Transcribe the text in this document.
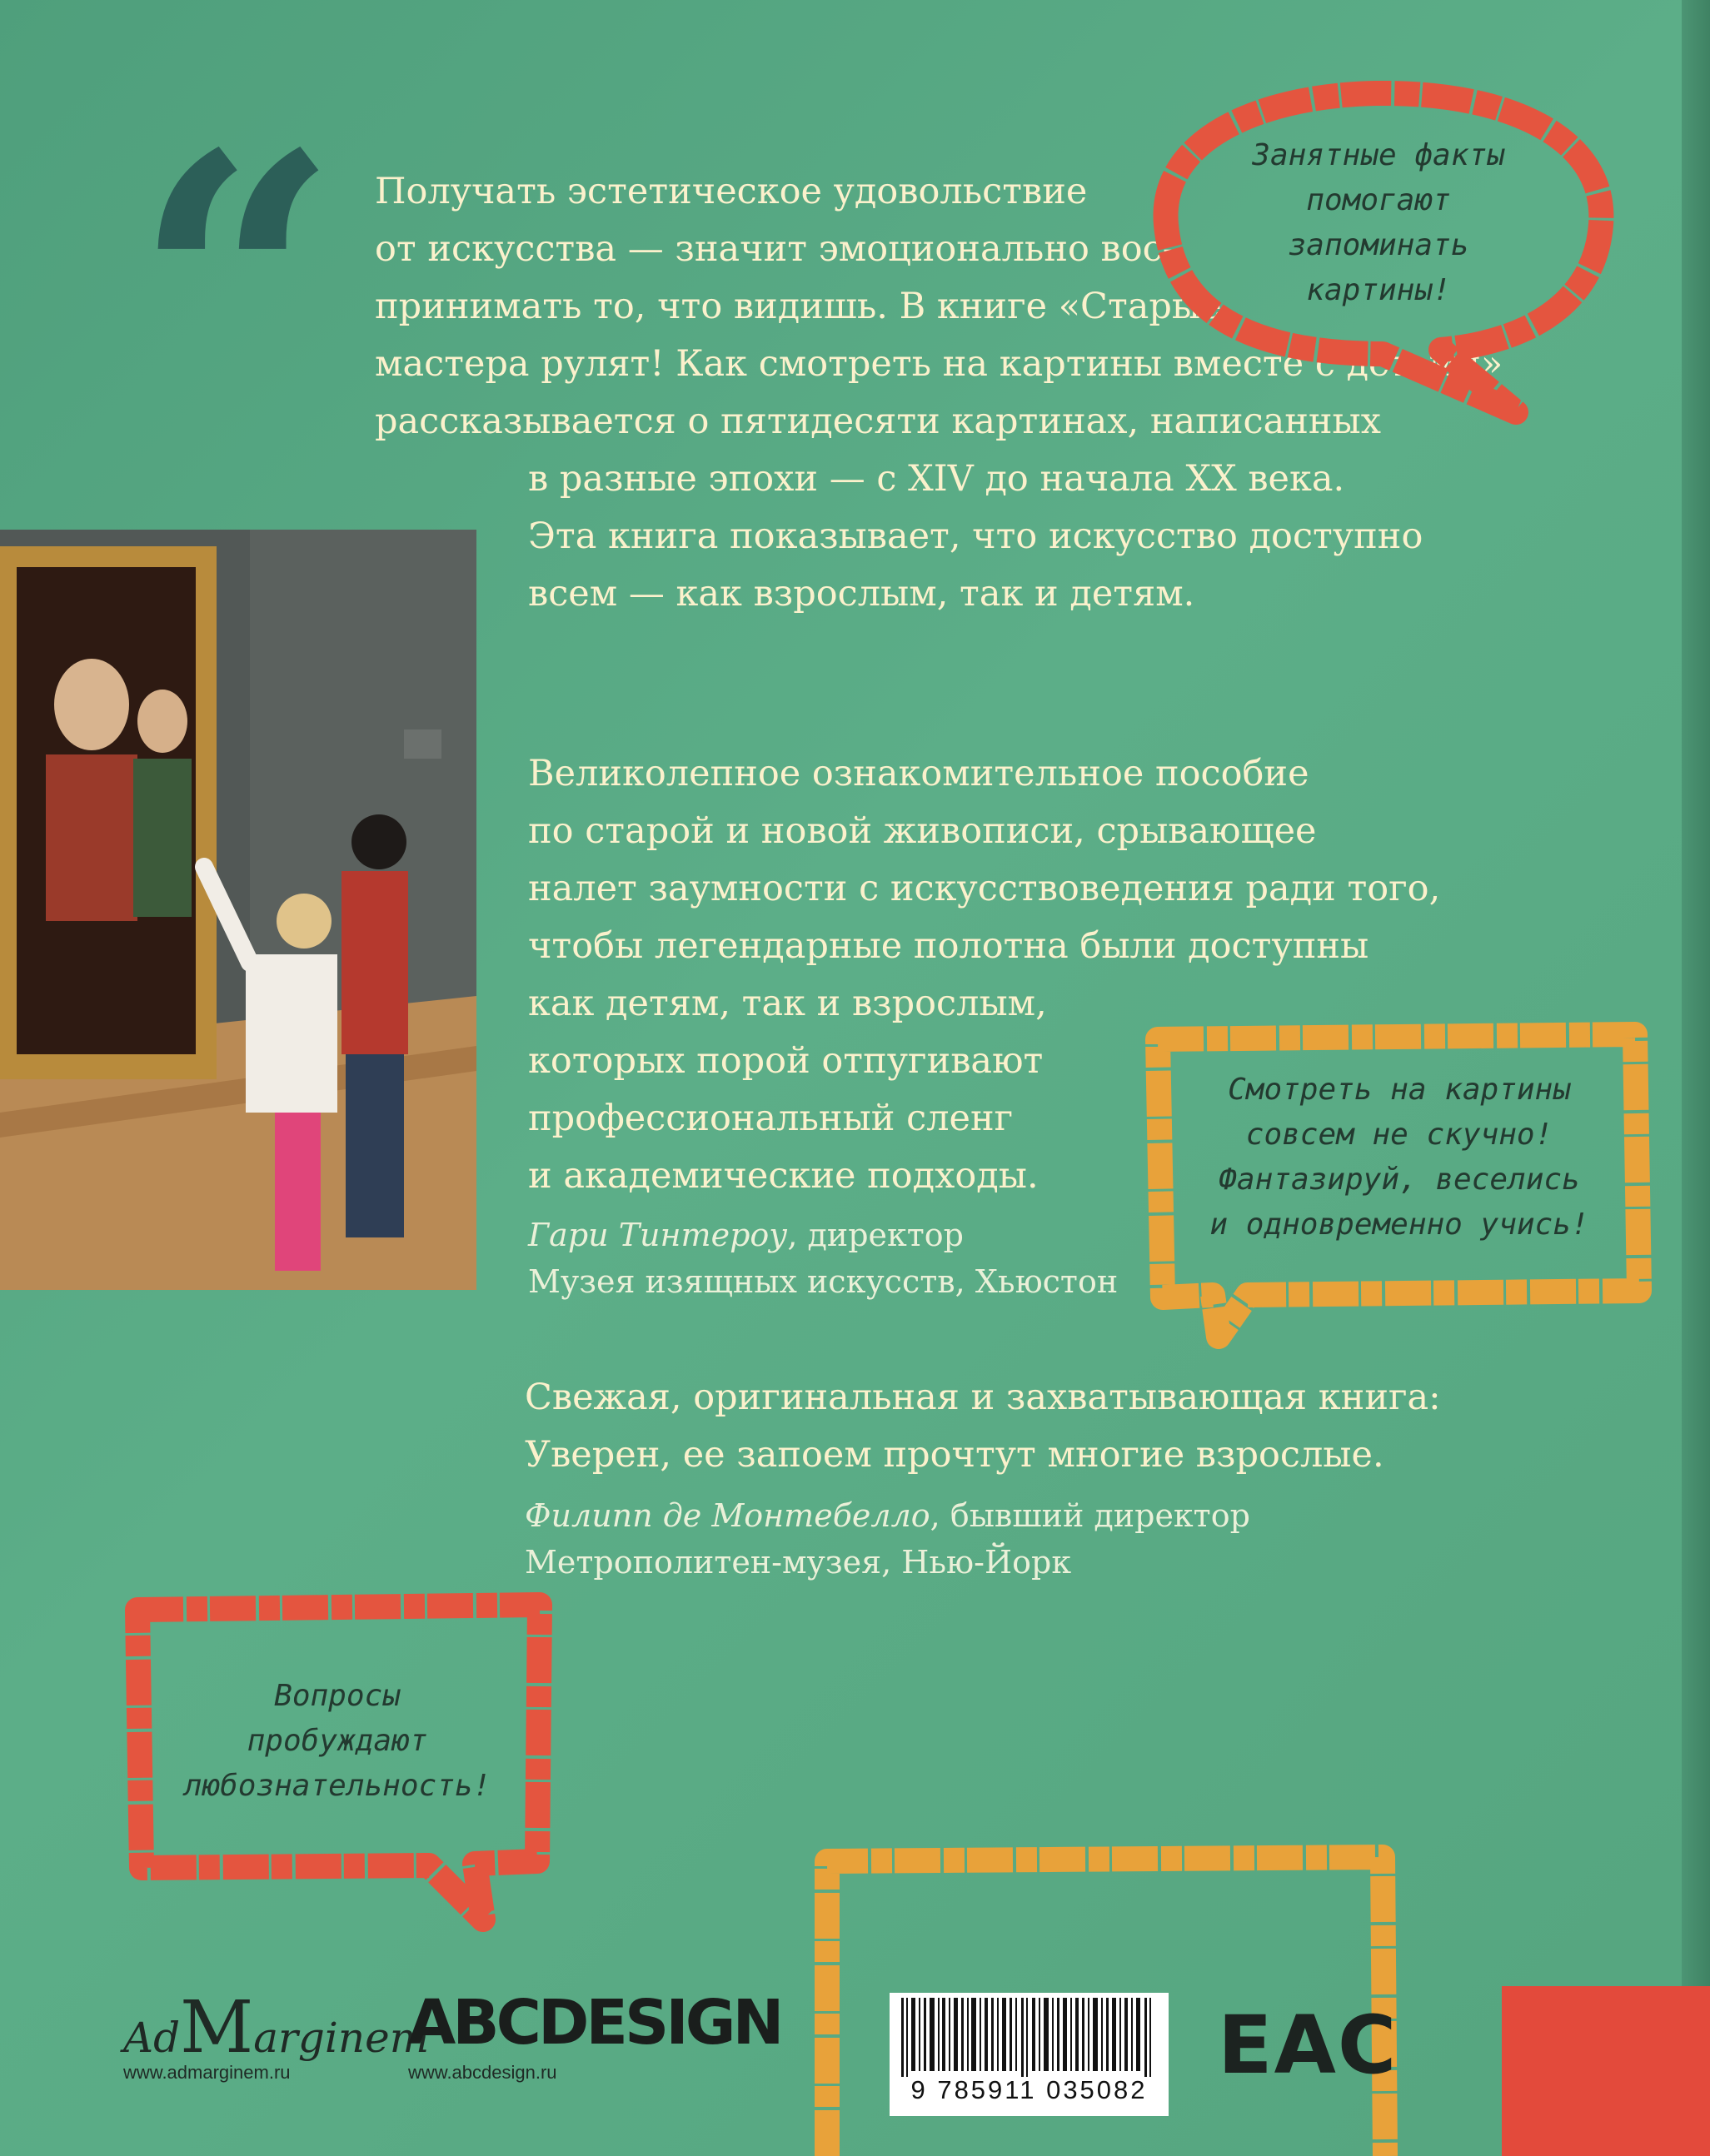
“ Получать эстетическое удовольствие
от искусства — значит эмоционально вос-
принимать то, что видишь. В книге «Старые
мастера рулят! Как смотреть на картины вместе с детьми»
рассказывается о пятидесяти картинах, написанных
в разные эпохи — с XIV до начала XX века.
Эта книга показывает, что искусство доступно
всем — как взрослым, так и детям.
Занятные факты
помогают
запоминать
картины!
Великолепное ознакомительное пособие
по старой и новой живописи, срывающее
налет заумности с искусствоведения ради того,
чтобы легендарные полотна были доступны
как детям, так и взрослым,
которых порой отпугивают
профессиональный сленг
и академические подходы.
Гари Тинтероу, директор
Музея изящных искусств, Хьюстон
Смотреть на картины
совсем не скучно!
Фантазируй, веселись
и одновременно учись!
Свежая, оригинальная и захватывающая книга:
Уверен, ее запоем прочтут многие взрослые.
Филипп де Монтебелло, бывший директор
Метрополитен-музея, Нью-Йорк
Вопросы
пробуждают
любознательность!
9 785911 035082 EAC
AdMarginem
www.admarginem.ru
ABCDESIGN
www.abcdesign.ru
